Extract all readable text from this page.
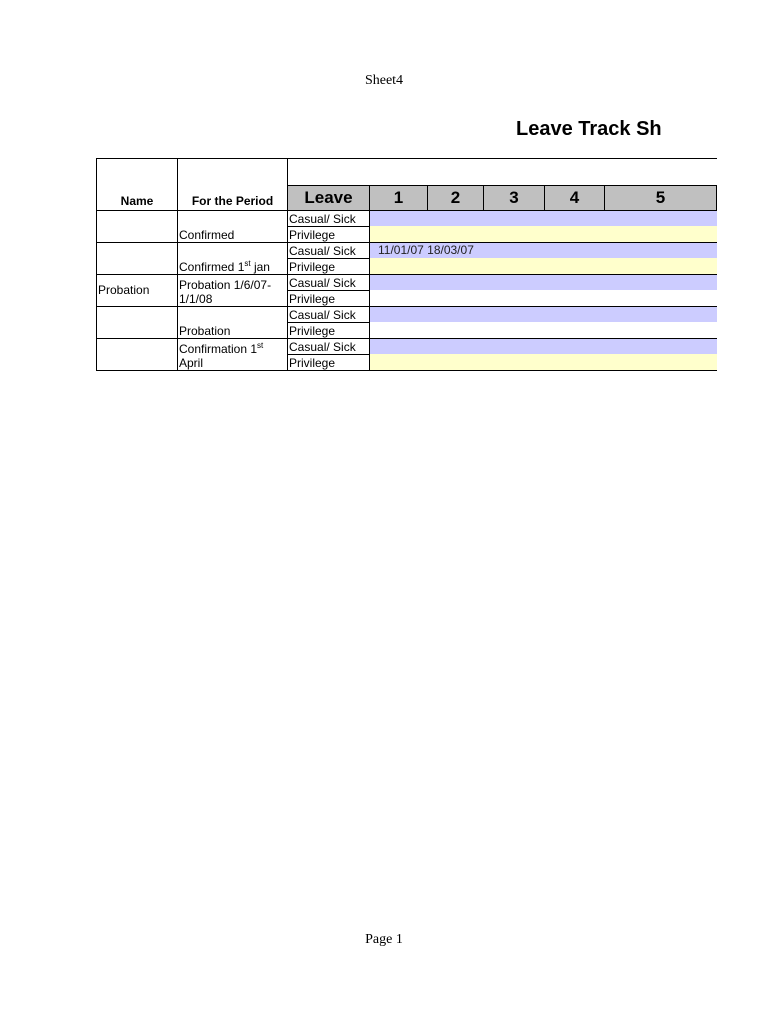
Sheet4
Leave Track Sh

Name	For the Period	Leave	1	2	3	4	5
	Confirmed	Casual/ Sick					
		Privilege					
	Confirmed 1st jan	Casual/ Sick	11/01/07 18/03/07				
		Privilege					
Probation	Probation 1/6/07-1/1/08	Casual/ Sick					
		Privilege					
	Probation	Casual/ Sick					
		Privilege					
	Confirmation 1st April	Casual/ Sick					
		Privilege					
Page 1
